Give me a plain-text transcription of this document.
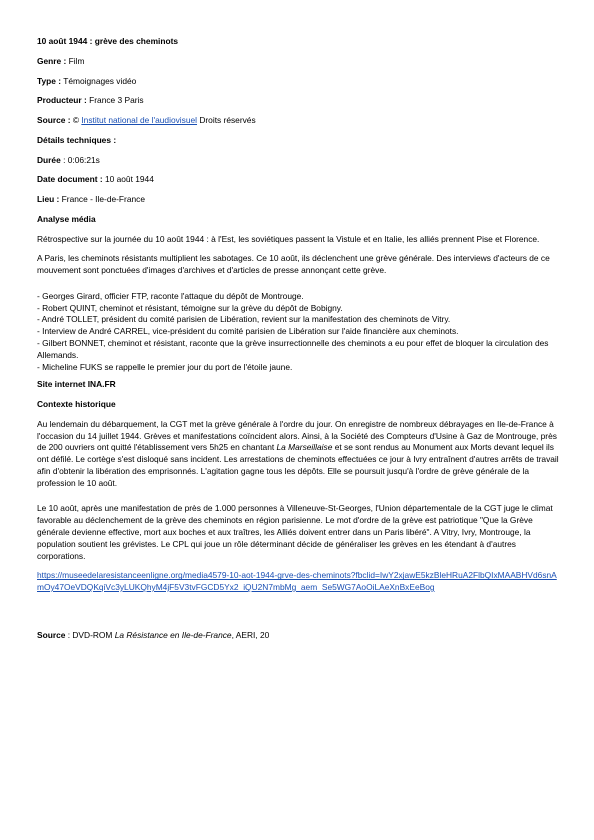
10 août 1944 : grève des cheminots
Genre : Film
Type : Témoignages vidéo
Producteur : France 3 Paris
Source : © Institut national de l'audiovisuel Droits réservés
Détails techniques :
Durée : 0:06:21s
Date document : 10 août 1944
Lieu : France - Ile-de-France
Analyse média

Rétrospective sur la journée du 10 août 1944 : à l'Est, les soviétiques passent la Vistule et en Italie, les alliés prennent Pise et Florence.

A Paris, les cheminots résistants multiplient les sabotages. Ce 10 août, ils déclenchent une grève générale. Des interviews d'acteurs de ce mouvement sont ponctuées d'images d'archives et d'articles de presse annonçant cette grève.

- Georges Girard, officier FTP, raconte l'attaque du dépôt de Montrouge.
- Robert QUINT, cheminot et résistant, témoigne sur la grève du dépôt de Bobigny.
- André TOLLET, président du comité parisien de Libération, revient sur la manifestation des cheminots de Vitry.
- Interview de André CARREL, vice-président du comité parisien de Libération sur l'aide financière aux cheminots.
- Gilbert BONNET, cheminot et résistant, raconte que la grève insurrectionnelle des cheminots a eu pour effet de bloquer la circulation des Allemands.
- Micheline FUKS se rappelle le premier jour du port de l'étoile jaune.
Site internet INA.FR
Contexte historique

Au lendemain du débarquement, la CGT met la grève générale à l'ordre du jour. On enregistre de nombreux débrayages en Ile-de-France à l'occasion du 14 juillet 1944. Grèves et manifestations coïncident alors. Ainsi, à la Société des Compteurs d'Usine à Gaz de Montrouge, près de 200 ouvriers ont quitté l'établissement vers 5h25 en chantant La Marseillaise et se sont rendus au Monument aux Morts devant lequel ils ont défilé. Le cortège s'est disloqué sans incident. Les arrestations de cheminots effectuées ce jour à Ivry entraînent d'autres arrêts de travail afin d'obtenir la libération des emprisonnés. L'agitation gagne tous les dépôts. Elle se poursuit jusqu'à l'ordre de grève générale de la profession le 10 août.

Le 10 août, après une manifestation de près de 1.000 personnes à Villeneuve-St-Georges, l'Union départementale de la CGT juge le climat favorable au déclenchement de la grève des cheminots en région parisienne. Le mot d'ordre de la grève est patriotique "Que la Grève générale devienne effective, mort aux boches et aux traîtres, les Alliés doivent entrer dans un Paris libéré". A Vitry, Ivry, Montrouge, la population soutient les grévistes. Le CPL qui joue un rôle déterminant décide de généraliser les grèves en les étendant à d'autres corporations.

https://museedelaresistanceenligne.org/media4579-10-aot-1944-grve-des-cheminots?fbclid=IwY2xjawE5kzBleHRuA2FlbQIxMAABHVd6snAmOy47OeVDQKqiVc3yLUKQhyM4jF5V3tvFGCD5Yx2_iQU2N7mbMg_aem_Se5WG7AoOiLAeXnBxEeBog
Source : DVD-ROM La Résistance en Ile-de-France, AERI, 20
